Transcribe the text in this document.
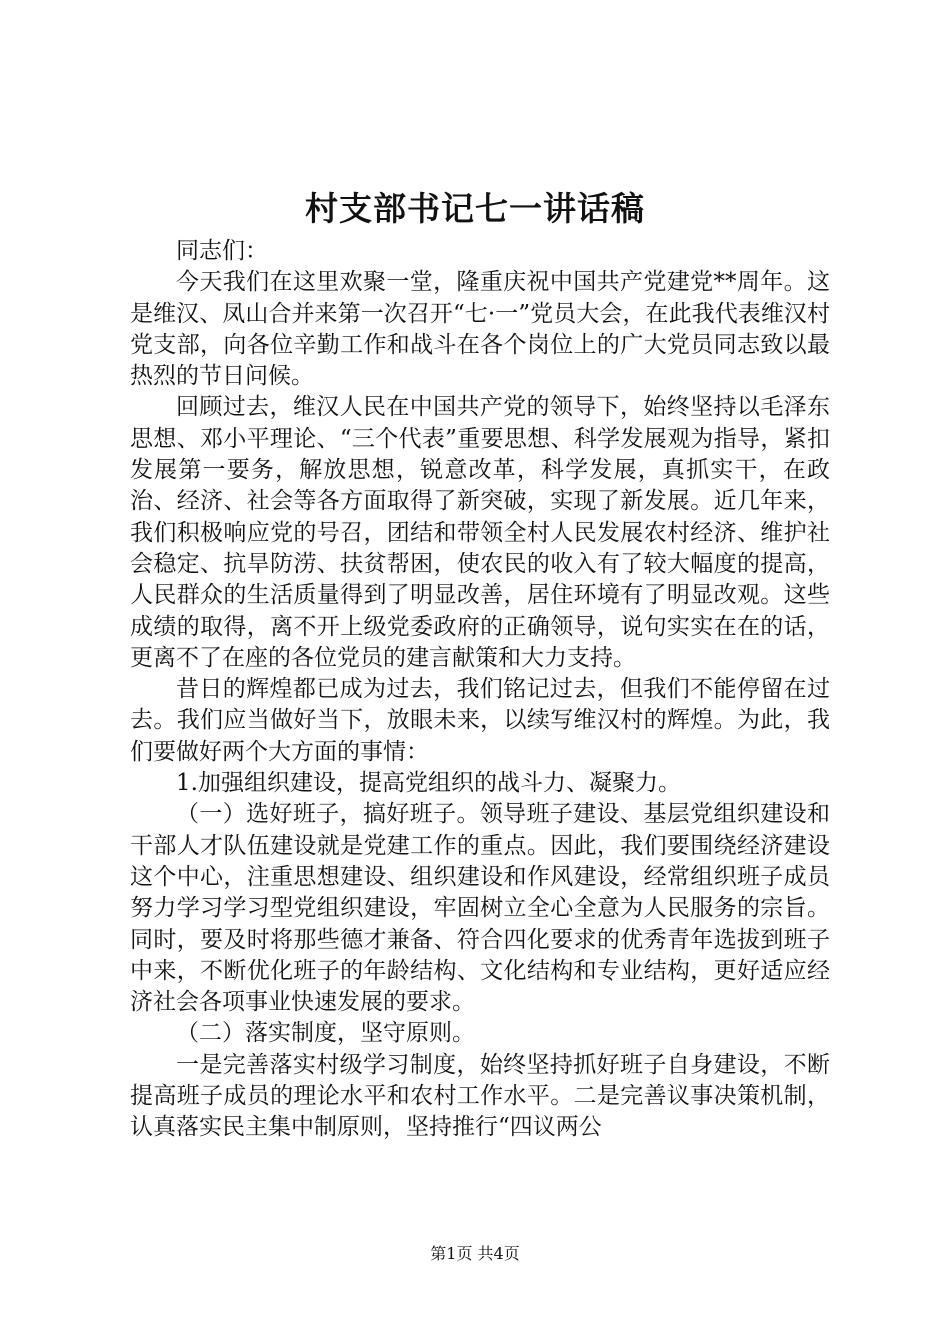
村支部书记七一讲话稿

同志们：

今天我们在这里欢聚一堂，隆重庆祝中国共产党建党**周年。这是维汉、凤山合并来第一次召开“七·一”党员大会，在此我代表维汉村党支部，向各位辛勤工作和战斗在各个岗位上的广大党员同志致以最热烈的节日问候。

回顾过去，维汉人民在中国共产党的领导下，始终坚持以毛泽东思想、邓小平理论、“三个代表”重要思想、科学发展观为指导，紧扣发展第一要务，解放思想，锐意改革，科学发展，真抓实干，在政治、经济、社会等各方面取得了新突破，实现了新发展。近几年来，我们积极响应党的号召，团结和带领全村人民发展农村经济、维护社会稳定、抗旱防涝、扶贫帮困，使农民的收入有了较大幅度的提高，人民群众的生活质量得到了明显改善，居住环境有了明显改观。这些成绩的取得，离不开上级党委政府的正确领导，说句实实在在的话，更离不了在座的各位党员的建言献策和大力支持。

昔日的辉煌都已成为过去，我们铭记过去，但我们不能停留在过去。我们应当做好当下，放眼未来，以续写维汉村的辉煌。为此，我们要做好两个大方面的事情：

1.加强组织建设，提高党组织的战斗力、凝聚力。

（一）选好班子，搞好班子。领导班子建设、基层党组织建设和干部人才队伍建设就是党建工作的重点。因此，我们要围绕经济建设这个中心，注重思想建设、组织建设和作风建设，经常组织班子成员努力学习学习型党组织建设，牢固树立全心全意为人民服务的宗旨。同时，要及时将那些德才兼备、符合四化要求的优秀青年选拔到班子中来，不断优化班子的年龄结构、文化结构和专业结构，更好适应经济社会各项事业快速发展的要求。

（二）落实制度，坚守原则。

一是完善落实村级学习制度，始终坚持抓好班子自身建设，不断提高班子成员的理论水平和农村工作水平。二是完善议事决策机制，认真落实民主集中制原则，坚持推行“四议两公

第1页 共4页
